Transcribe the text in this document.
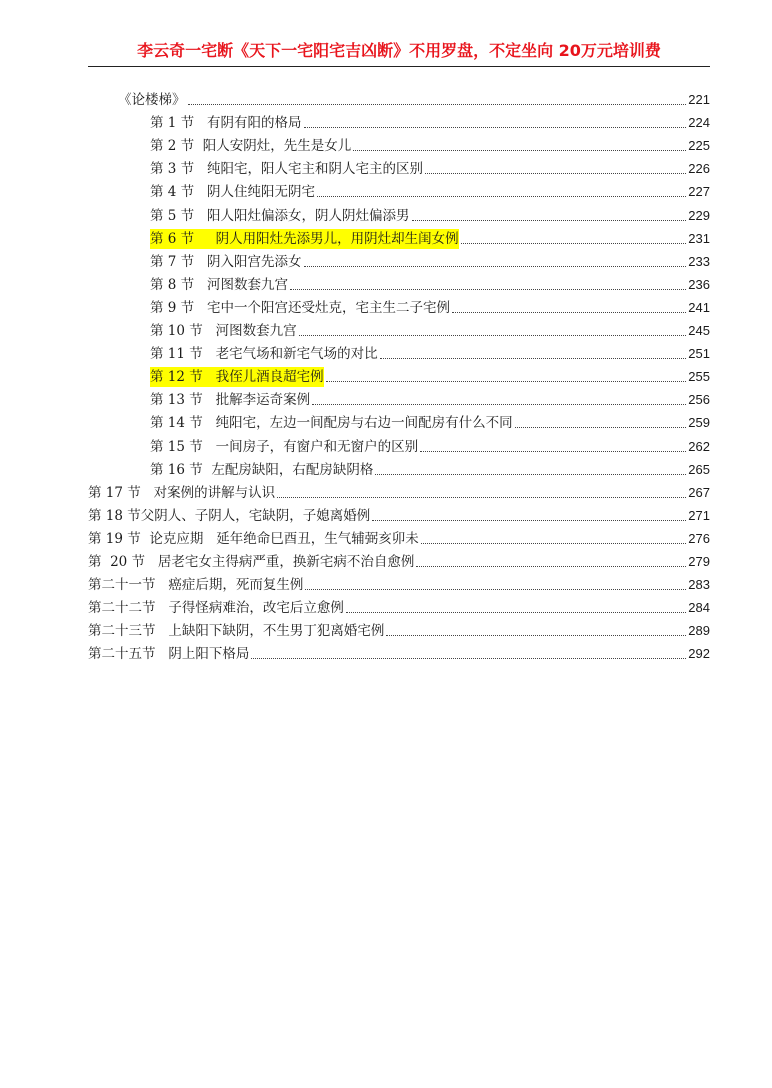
李云奇一宅断《天下一宅阳宅吉凶断》不用罗盘，不定坐向 20万元培训费
《论楼梯》	221
第 1 节   有阴有阳的格局	224
第 2 节  阳人安阴灶，先生是女儿	225
第 3 节   纯阳宅，阳人宅主和阴人宅主的区别	226
第 4 节   阴人住纯阳无阴宅	227
第 5 节   阳人阳灶偏添女，阴人阴灶偏添男	229
第 6 节     阴人用阳灶先添男儿，用阴灶却生闺女例	231
第 7 节   阴入阳宫先添女	233
第 8 节   河图数套九宫	236
第 9 节   宅中一个阳宫还受灶克，宅主生二子宅例	241
第 10 节   河图数套九宫	245
第 11 节   老宅气场和新宅气场的对比	251
第 12 节   我侄儿酒良超宅例	255
第 13 节   批解李运奇案例	256
第 14 节   纯阳宅，左边一间配房与右边一间配房有什么不同	259
第 15 节   一间房子，有窗户和无窗户的区别	262
第 16 节  左配房缺阳，右配房缺阴格	265
第 17 节   对案例的讲解与认识	267
第 18 节父阴人、子阴人，宅缺阴，子媳离婚例	271
第 19 节  论克应期   延年绝命巳酉丑，生气辅弼亥卯未	276
第  20 节   居老宅女主得病严重，换新宅病不治自愈例	279
第二十一节   癌症后期，死而复生例	283
第二十二节   子得怪病难治，改宅后立愈例	284
第二十三节   上缺阳下缺阴，不生男丁犯离婚宅例	289
第二十五节   阴上阳下格局	292
